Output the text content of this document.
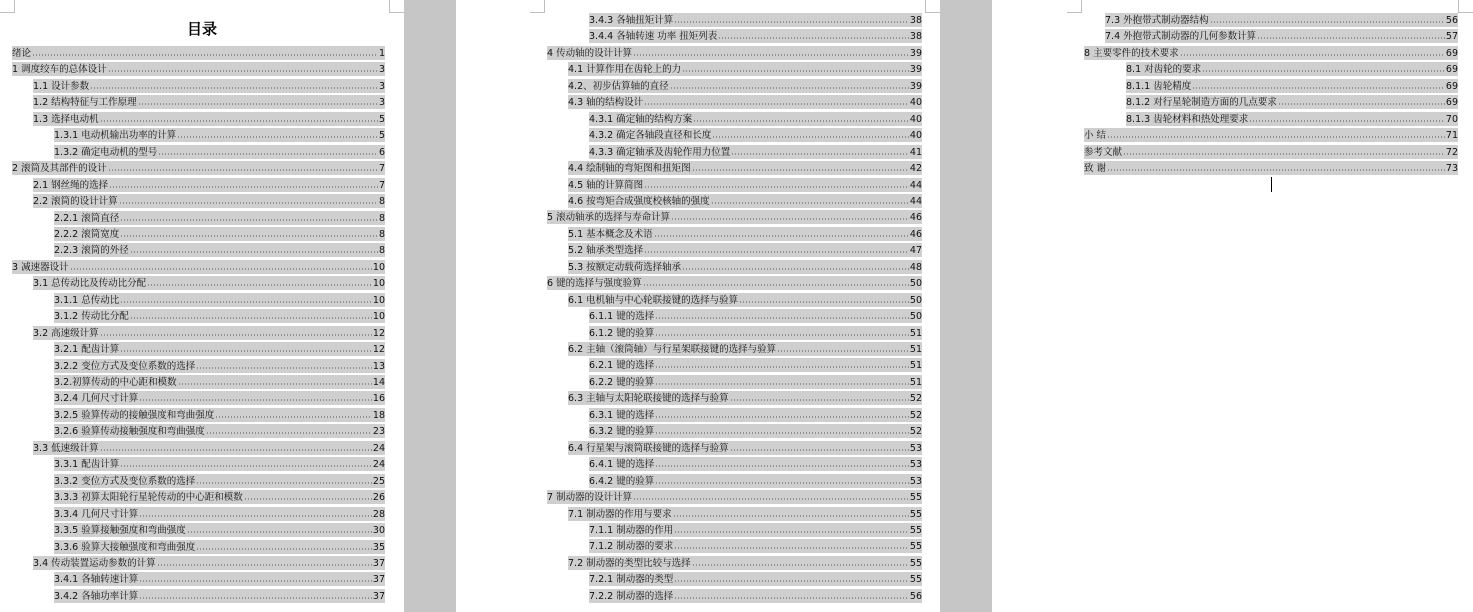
目录
绪论	1
1 调度绞车的总体设计	3
1.1 设计参数	3
1.2 结构特征与工作原理	3
1.3 选择电动机	5
1.3.1 电动机输出功率的计算	5
1.3.2 确定电动机的型号	6
2 滚筒及其部件的设计	7
2.1 钢丝绳的选择	7
2.2 滚筒的设计计算	8
2.2.1 滚筒直径	8
2.2.2 滚筒宽度	8
2.2.3 滚筒的外径	8
3 减速器设计	10
3.1 总传动比及传动比分配	10
3.1.1 总传动比	10
3.1.2 传动比分配	10
3.2 高速级计算	12
3.2.1 配齿计算	12
3.2.2 变位方式及变位系数的选择	13
3.2.初算传动的中心距和模数	14
3.2.4 几何尺寸计算	16
3.2.5 验算传动的接触强度和弯曲强度	18
3.2.6 验算传动接触强度和弯曲强度	23
3.3 低速级计算	24
3.3.1 配齿计算	24
3.3.2 变位方式及变位系数的选择	25
3.3.3 初算太阳轮行星轮传动的中心距和模数	26
3.3.4 几何尺寸计算	28
3.3.5 验算接触强度和弯曲强度	30
3.3.6 验算大接触强度和弯曲强度	35
3.4 传动装置运动参数的计算	37
3.4.1 各轴转速计算	37
3.4.2 各轴功率计算	37
3.4.3 各轴扭矩计算	38
3.4.4 各轴转速 功率 扭矩列表	38
4 传动轴的设计计算	39
4.1 计算作用在齿轮上的力	39
4.2、初步估算轴的直径	39
4.3 轴的结构设计	40
4.3.1 确定轴的结构方案	40
4.3.2 确定各轴段直径和长度	40
4.3.3 确定轴承及齿轮作用力位置	41
4.4 绘制轴的弯矩图和扭矩图	42
4.5 轴的计算简图	44
4.6 按弯矩合成强度校核轴的强度	44
5 滚动轴承的选择与寿命计算	46
5.1 基本概念及术语	46
5.2 轴承类型选择	47
5.3 按额定动载荷选择轴承	48
6 键的选择与强度验算	50
6.1 电机轴与中心轮联接键的选择与验算	50
6.1.1 键的选择	50
6.1.2 键的验算	51
6.2 主轴（滚筒轴）与行星架联接键的选择与验算	51
6.2.1 键的选择	51
6.2.2 键的验算	51
6.3 主轴与太阳轮联接键的选择与验算	52
6.3.1 键的选择	52
6.3.2 键的验算	52
6.4 行星架与滚筒联接键的选择与验算	53
6.4.1 键的选择	53
6.4.2 键的验算	53
7 制动器的设计计算	55
7.1 制动器的作用与要求	55
7.1.1 制动器的作用	55
7.1.2 制动器的要求	55
7.2 制动器的类型比较与选择	55
7.2.1 制动器的类型	55
7.2.2 制动器的选择	56
7.3 外抱带式制动器结构	56
7.4 外抱带式制动器的几何参数计算	57
8 主要零件的技术要求	69
8.1 对齿轮的要求	69
8.1.1 齿轮精度	69
8.1.2 对行星轮制造方面的几点要求	69
8.1.3 齿轮材料和热处理要求	70
小 结	71
参考文献	72
致 谢	73
